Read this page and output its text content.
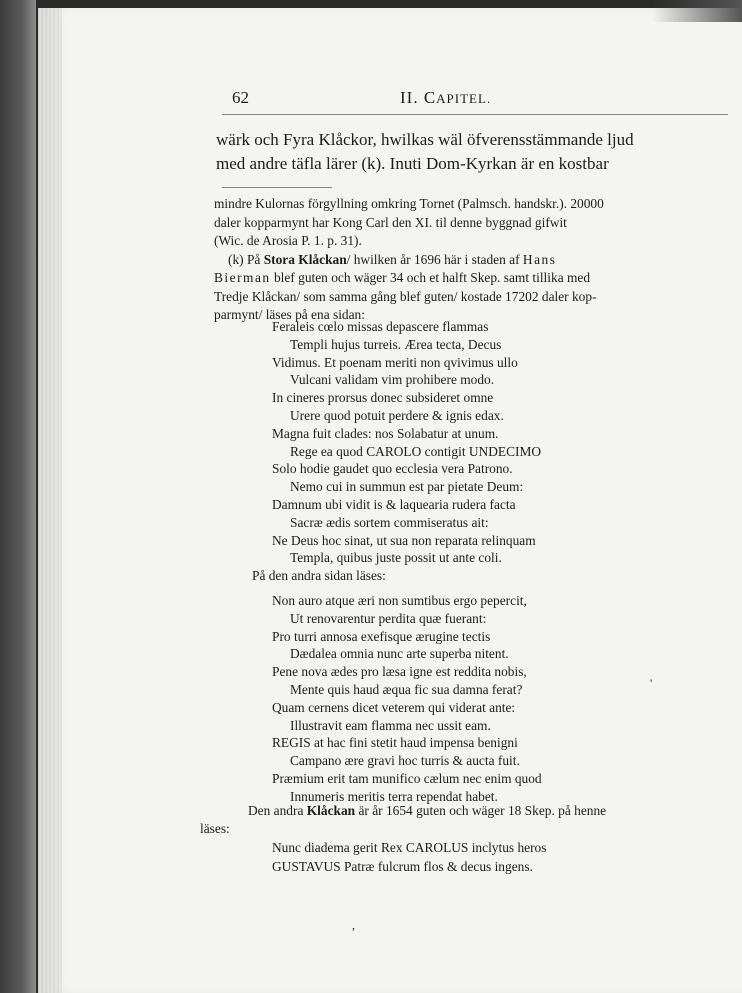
62	II. CAPITEL.
wärk och Fyra Klåckor, hwilkas wäl öfverensstämmande ljud
med andre täfla lärer (k). Inuti Dom-Kyrkan är en kostbar
mindre Kulornas förgyllning omkring Tornet (Palmsch. handskr.). 20000
daler kopparmynt har Kong Carl den XI. til denne byggnad gifwit
(Wic. de Arosia P. 1. p. 31).
(k) På Stora Klåckan/ hwilken år 1696 här i staden af Hans
Bierman blef guten och wäger 34 och et halft Skep. samt tillika med
Tredje Klåckan/ som samma gång blef guten/ kostade 17202 daler kop-
parmynt/ läses på ena sidan:
Feraleis cœlo missas depascere flammas
Templi hujus turreis. Ærea tecta, Decus
Vidimus. Et poenam meriti non qvivimus ullo
Vulcani validam vim prohibere modo.
In cineres prorsus donec subsideret omne
Urere quod potuit perdere & ignis edax.
Magna fuit clades: nos Solabatur at unum.
Rege ea quod CAROLO contigit UNDECIMO
Solo hodie gaudet quo ecclesia vera Patrono.
Nemo cui in summun est par pietate Deum:
Damnum ubi vidit is & laquearia rudera facta
Sacræ ædis sortem commiseratus ait:
Ne Deus hoc sinat, ut sua non reparata relinquam
Templa, quibus juste possit ut ante coli.
På den andra sidan läses:
Non auro atque æri non sumtibus ergo pepercit,
Ut renovarentur perdita quæ fuerant:
Pro turri annosa exefisque ærugine tectis
Dædalea omnia nunc arte superba nitent.
Pene nova ædes pro læsa igne est reddita nobis,
Mente quis haud æqua fic sua damna ferat?
Quam cernens dicet veterem qui viderat ante:
Illustravit eam flamma nec ussit eam.
REGIS at hac fini stetit haud impensa benigni
Campano ære gravi hoc turris & aucta fuit.
Præmium erit tam munifico cælum nec enim quod
Innumeris meritis terra rependat habet.
'
Den andra Klåckan är år 1654 guten och wäger 18 Skep. på henne
läses:
Nunc diadema gerit Rex CAROLUS inclytus heros
GUSTAVUS Patræ fulcrum flos & decus ingens.
,
